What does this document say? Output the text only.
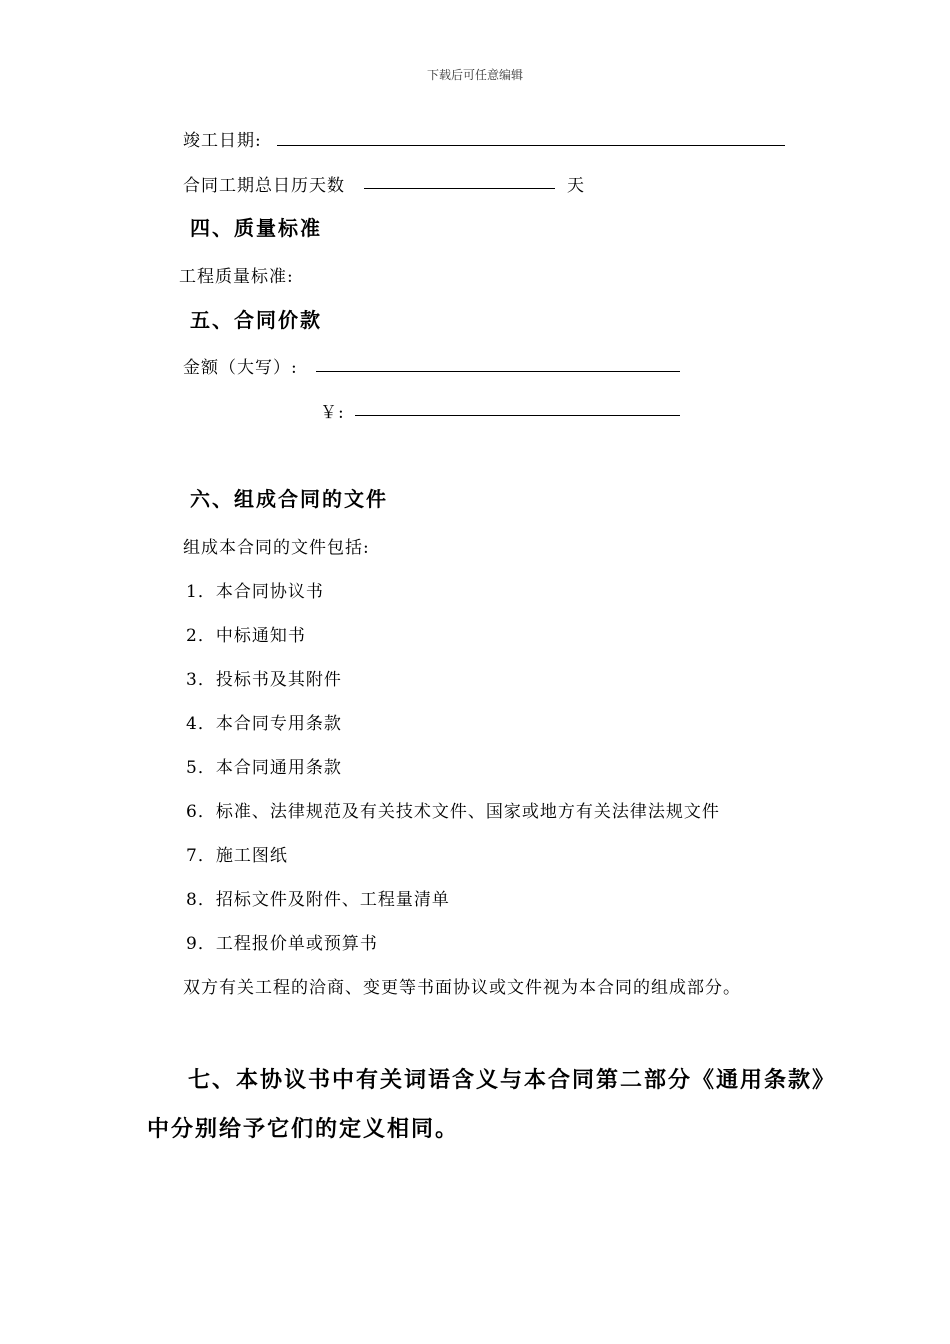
下载后可任意编辑
竣工日期:
合同工期总日历天数	天
四、质量标准
工程质量标准:
五、合同价款
金额（大写）:
￥:
六、组成合同的文件
组成本合同的文件包括:
1．本合同协议书
2．中标通知书
3．投标书及其附件
4．本合同专用条款
5．本合同通用条款
6．标准、法律规范及有关技术文件、国家或地方有关法律法规文件
7．施工图纸
8．招标文件及附件、工程量清单
9．工程报价单或预算书
双方有关工程的洽商、变更等书面协议或文件视为本合同的组成部分。
七、本协议书中有关词语含义与本合同第二部分《通用条款》
中分别给予它们的定义相同。
